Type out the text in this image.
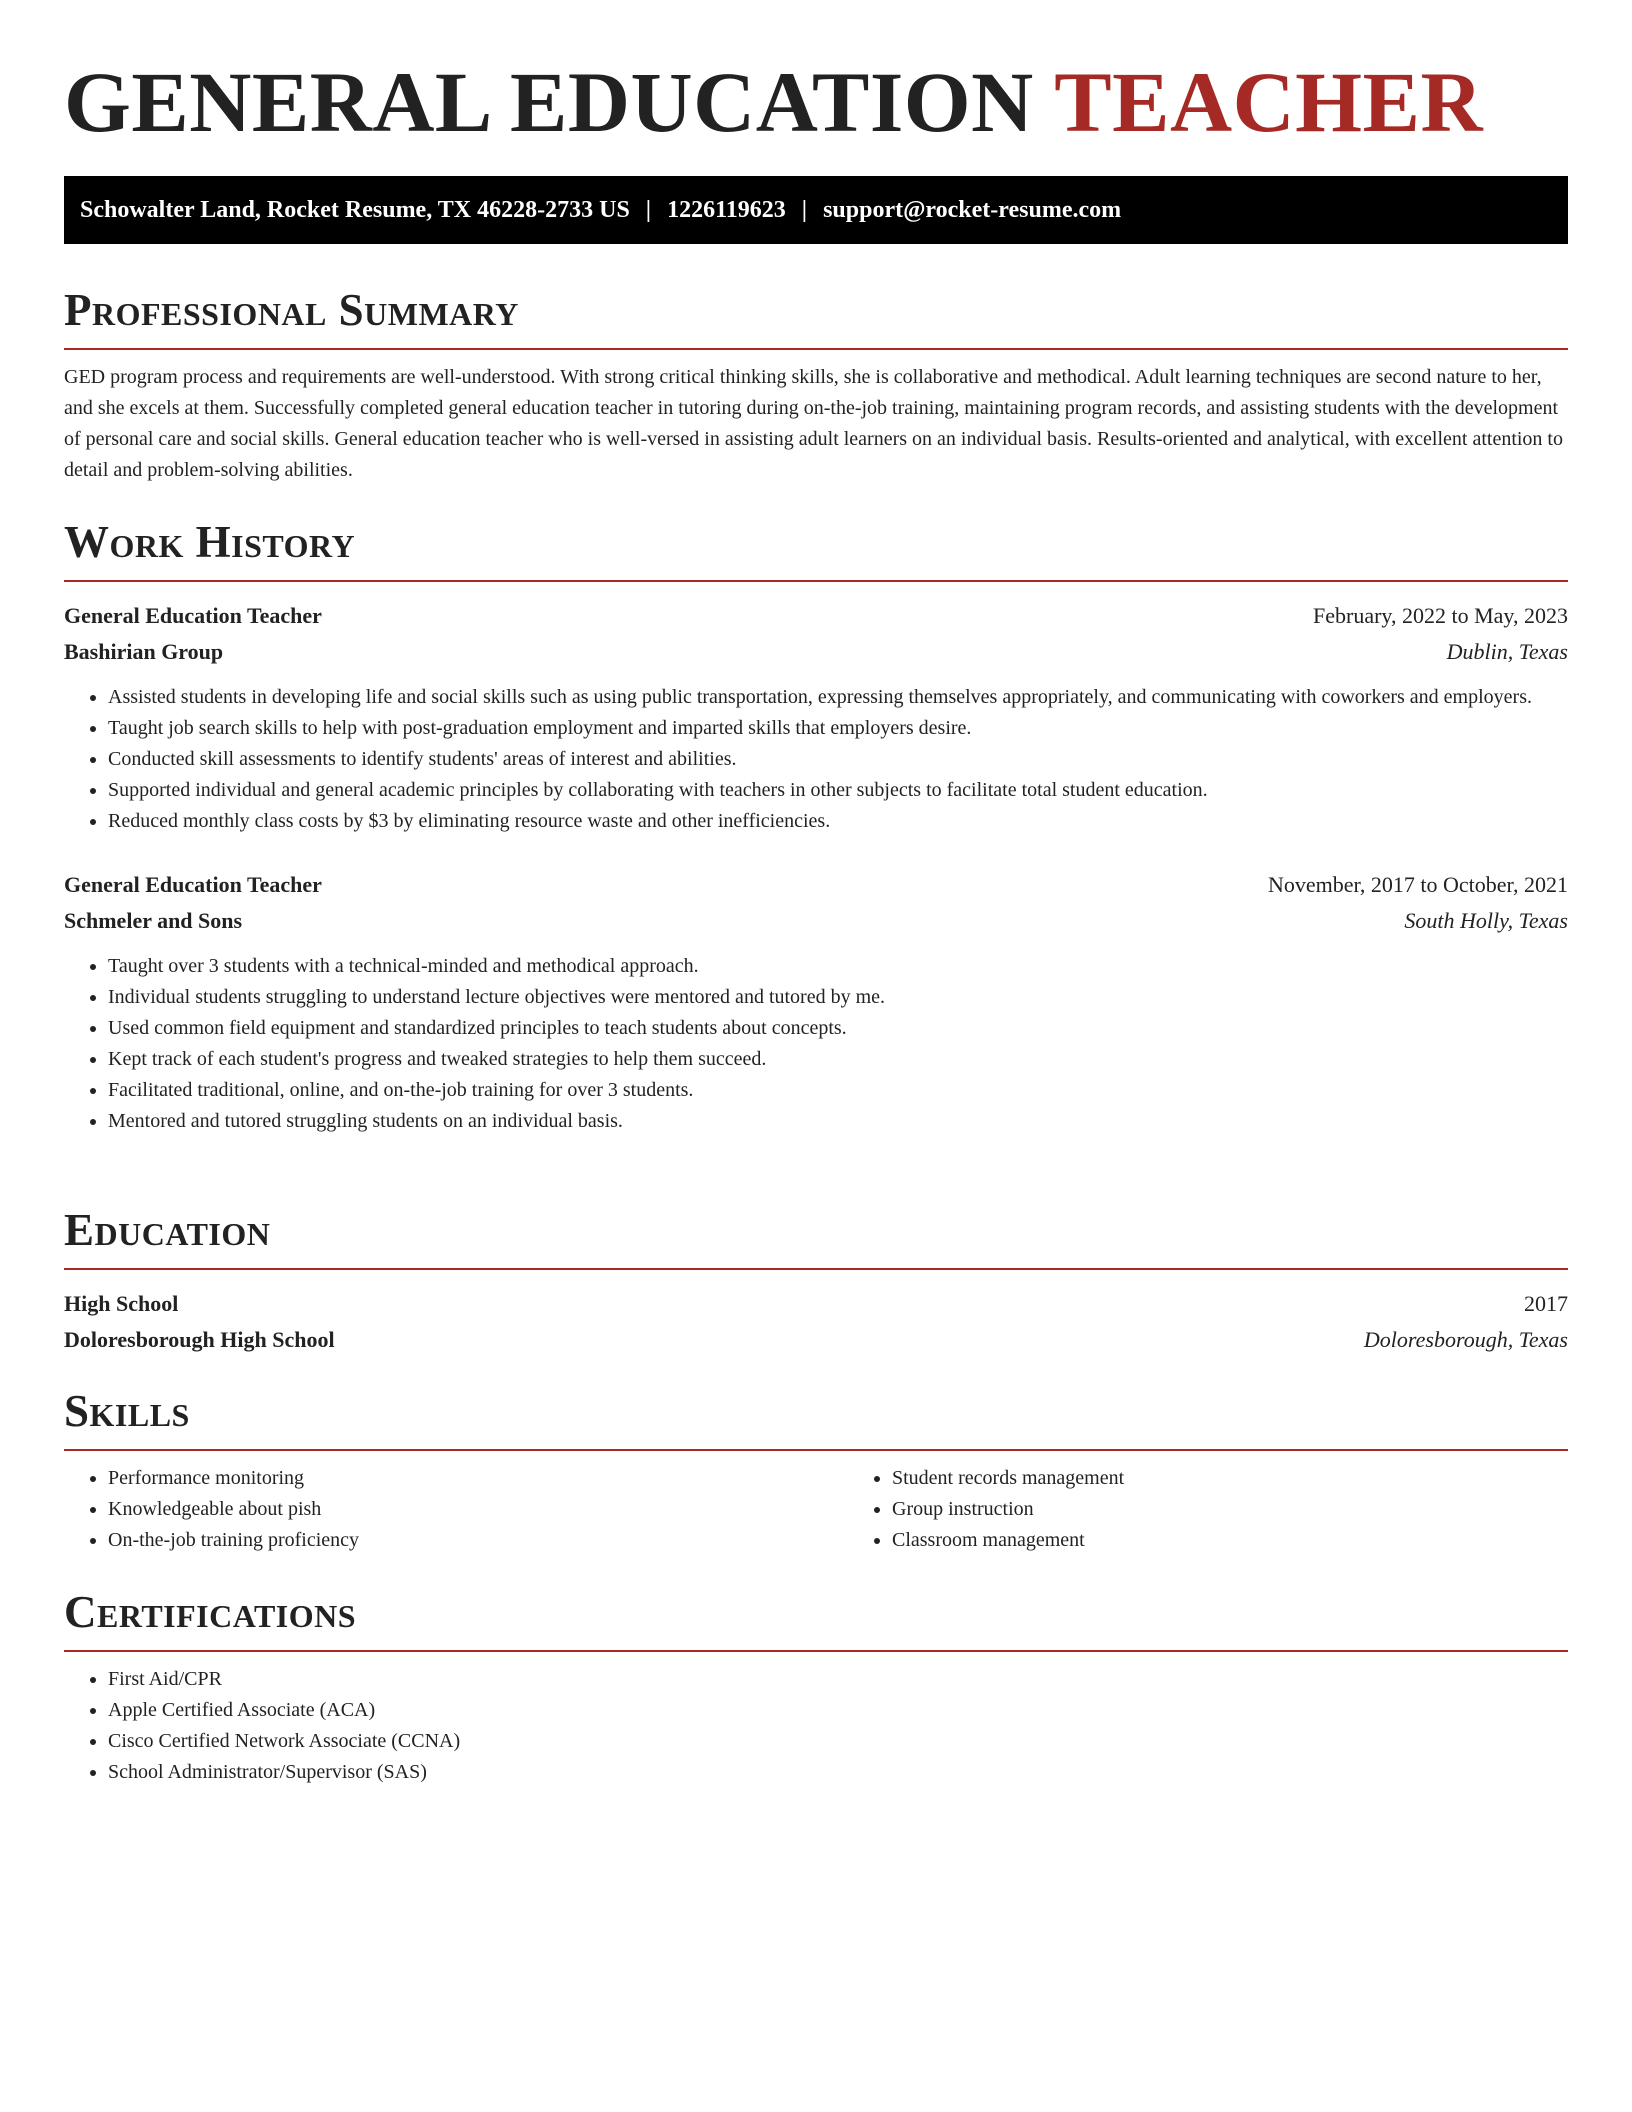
GENERAL EDUCATION TEACHER
Schowalter Land, Rocket Resume, TX 46228-2733 US | 1226119623 | support@rocket-resume.com
Professional Summary

GED program process and requirements are well-understood. With strong critical thinking skills, she is collaborative and methodical. Adult learning techniques are second nature to her, and she excels at them. Successfully completed general education teacher in tutoring during on-the-job training, maintaining program records, and assisting students with the development of personal care and social skills. General education teacher who is well-versed in assisting adult learners on an individual basis. Results-oriented and analytical, with excellent attention to detail and problem-solving abilities.

Work History
General Education Teacher	February, 2022 to May, 2023
Bashirian Group	Dublin, Texas
• Assisted students in developing life and social skills such as using public transportation, expressing themselves appropriately, and communicating with coworkers and employers.
• Taught job search skills to help with post-graduation employment and imparted skills that employers desire.
• Conducted skill assessments to identify students' areas of interest and abilities.
• Supported individual and general academic principles by collaborating with teachers in other subjects to facilitate total student education.
• Reduced monthly class costs by $3 by eliminating resource waste and other inefficiencies.
General Education Teacher	November, 2017 to October, 2021
Schmeler and Sons	South Holly, Texas
• Taught over 3 students with a technical-minded and methodical approach.
• Individual students struggling to understand lecture objectives were mentored and tutored by me.
• Used common field equipment and standardized principles to teach students about concepts.
• Kept track of each student's progress and tweaked strategies to help them succeed.
• Facilitated traditional, online, and on-the-job training for over 3 students.
• Mentored and tutored struggling students on an individual basis.
Education
High School	2017
Doloresborough High School	Doloresborough, Texas
Skills
• Performance monitoring
• Knowledgeable about pish
• On-the-job training proficiency
• Student records management
• Group instruction
• Classroom management
Certifications
• First Aid/CPR
• Apple Certified Associate (ACA)
• Cisco Certified Network Associate (CCNA)
• School Administrator/Supervisor (SAS)
